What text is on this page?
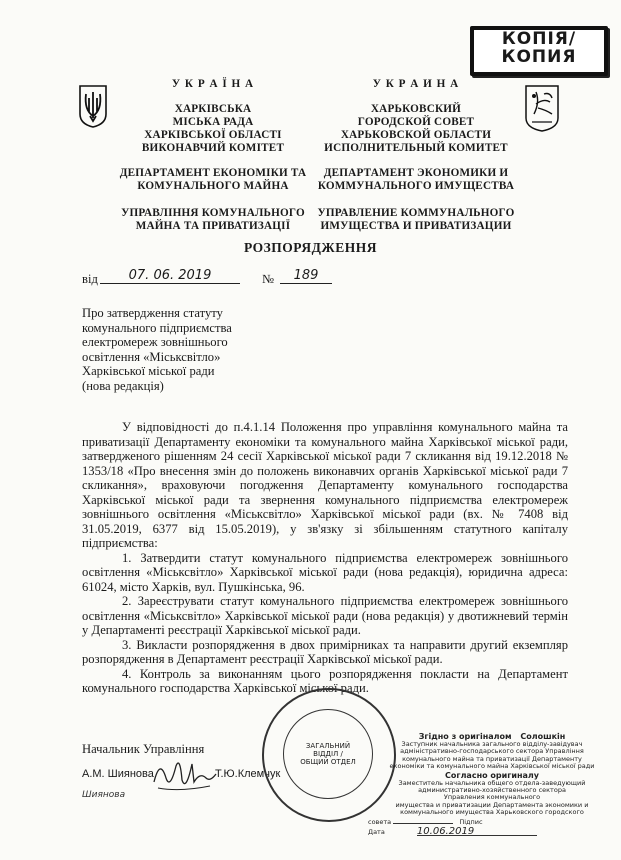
КОПІЯ/
КОПИЯ
У К Р А Ї Н А
ХАРКІВСЬКА
МІСЬКА РАДА
ХАРКІВСЬКОЇ ОБЛАСТІ
ВИКОНАВЧИЙ КОМІТЕТ
ДЕПАРТАМЕНТ ЕКОНОМІКИ ТА
КОМУНАЛЬНОГО МАЙНА
УПРАВЛІННЯ КОМУНАЛЬНОГО
МАЙНА ТА ПРИВАТИЗАЦІЇ
У К Р А И Н А
ХАРЬКОВСКИЙ
ГОРОДСКОЙ СОВЕТ
ХАРЬКОВСКОЙ ОБЛАСТИ
ИСПОЛНИТЕЛЬНЫЙ КОМИТЕТ
ДЕПАРТАМЕНТ ЭКОНОМИКИ И
КОММУНАЛЬНОГО ИМУЩЕСТВА
УПРАВЛЕНИЕ КОММУНАЛЬНОГО
ИМУЩЕСТВА И ПРИВАТИЗАЦИИ
РОЗПОРЯДЖЕННЯ
від	07. 06. 2019	№	189
Про затвердження статуту
комунального підприємства
електромереж зовнішнього
освітлення «Міськсвітло»
Харківської міської ради
(нова редакція)

У відповідності до п.4.1.14 Положення про управління комунального майна та приватизації Департаменту економіки та комунального майна Харківської міської ради, затвердженого рішенням 24 сесії Харківської міської ради 7 скликання від 19.12.2018 № 1353/18 «Про внесення змін до положень виконавчих органів Харківської міської ради 7 скликання», враховуючи погодження Департаменту комунального господарства Харківської міської ради та звернення комунального підприємства електромереж зовнішнього освітлення «Міськсвітло» Харківської міської ради (вх. № 7408 від 31.05.2019, 6377 від 15.05.2019), у зв'язку зі збільшенням статутного капіталу підприємства:

1. Затвердити статут комунального підприємства електромереж зовнішнього освітлення «Міськсвітло» Харківської міської ради (нова редакція), юридична адреса: 61024, місто Харків, вул. Пушкінська, 96.

2. Зареєструвати статут комунального підприємства електромереж зовнішнього освітлення «Міськсвітло» Харківської міської ради (нова редакція) у двотижневий термін у Департаменті реєстрації Харківської міської ради.

3. Викласти розпорядження в двох примірниках та направити другий екземпляр розпорядження в Департамент реєстрації Харківської міської ради.

4. Контроль за виконанням цього розпорядження покласти на Департамент комунального господарства Харківської міської ради.

Начальник Управління
А.М. Шиянова	Т.Ю.Клемчук
Шиянова
ЗАГАЛЬНИЙ
ВІДДІЛ /
ОБЩИЙ ОТДЕЛ
Згідно з оригіналом Солошкін
Заступник начальника загального відділу-завідувач
адміністративно-господарського сектора Управління
комунального майна та приватизації Департаменту
економіки та комунального майна Харківської міської ради
Согласно оригиналу
Заместитель начальника общего отдела-заведующий
административно-хозяйственного сектора
Управления коммунального
имущества и приватизации Департамента экономики и
коммунального имущества Харьковского городского
совета	Підпис
Дата	10.06.2019
